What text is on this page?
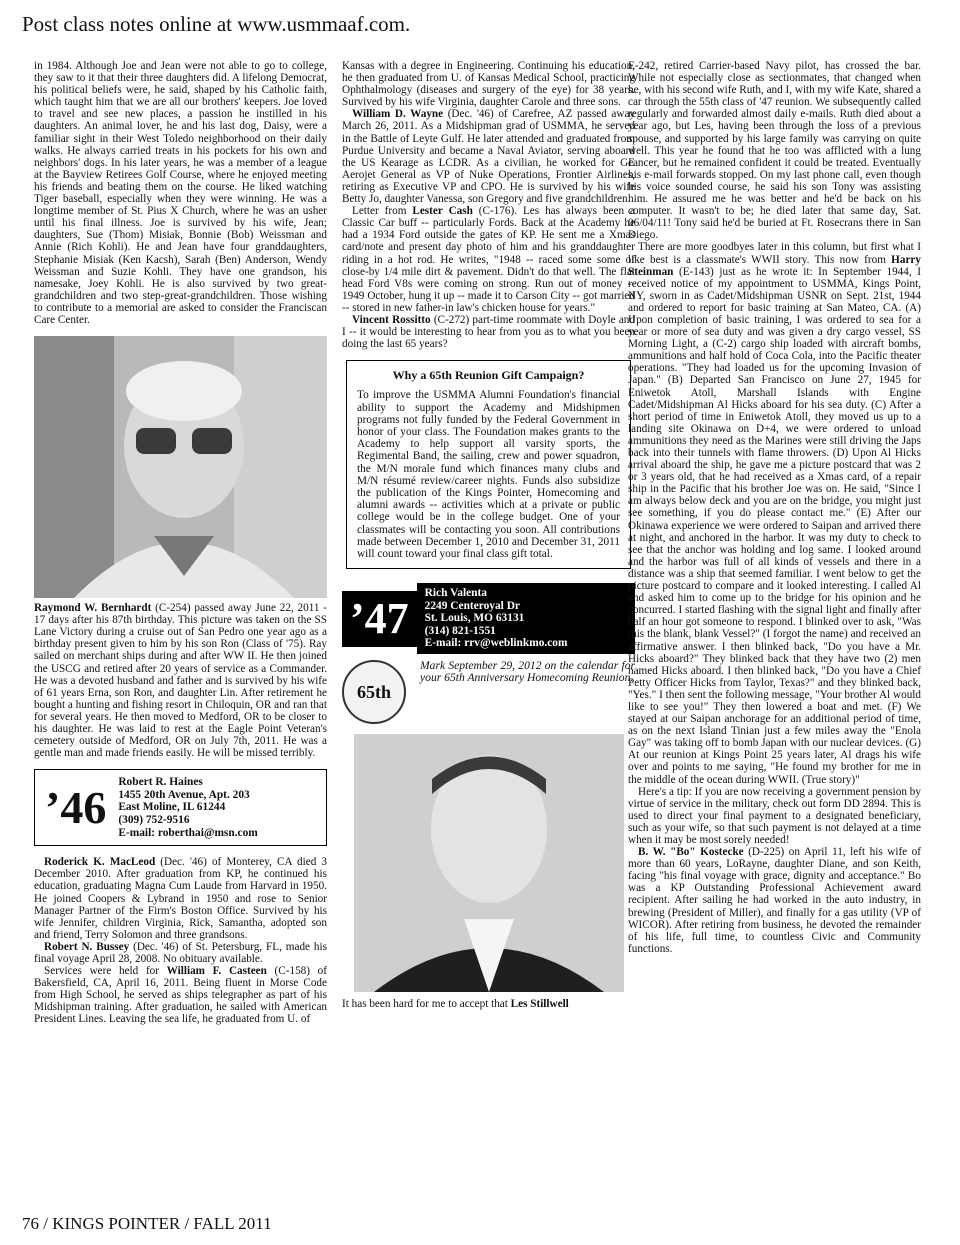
Post class notes online at www.usmmaaf.com.

in 1984. Although Joe and Jean were not able to go to college, they saw to it that their three daughters did. A lifelong Democrat, his political beliefs were, he said, shaped by his Catholic faith, which taught him that we are all our brothers' keepers. Joe loved to travel and see new places, a passion he instilled in his daughters. An animal lover, he and his last dog, Daisy, were a familiar sight in their West Toledo neighborhood on their daily walks. He always carried treats in his pockets for his own and neighbors' dogs. In his later years, he was a member of a league at the Bayview Retirees Golf Course, where he enjoyed meeting his friends and beating them on the course. He liked watching Tiger baseball, especially when they were winning. He was a longtime member of St. Pius X Church, where he was an usher until his final illness. Joe is survived by his wife, Jean; daughters, Sue (Thom) Misiak, Bonnie (Bob) Weissman and Annie (Rich Kohli). He and Jean have four granddaughters, Stephanie Misiak (Ken Kacsh), Sarah (Ben) Anderson, Wendy Weissman and Suzie Kohli. They have one grandson, his namesake, Joey Kohli. He is also survived by two great-grandchildren and two step-great-grandchildren. Those wishing to contribute to a memorial are asked to consider the Franciscan Care Center.

Raymond W. Bernhardt (C-254) passed away June 22, 2011 - 17 days after his 87th birthday. This picture was taken on the SS Lane Victory during a cruise out of San Pedro one year ago as a birthday present given to him by his son Ron (Class of '75). Ray sailed on merchant ships during and after WW II. He then joined the USCG and retired after 20 years of service as a Commander. He was a devoted husband and father and is survived by his wife of 61 years Erna, son Ron, and daughter Lin. After retirement he bought a hunting and fishing resort in Chiloquin, OR and ran that for several years. He then moved to Medford, OR to be closer to his daughter. He was laid to rest at the Eagle Point Veteran's cemetery outside of Medford, OR on July 7th, 2011. He was a gentle man and made friends easily. He will be missed terribly.

’46 Robert R. Haines
1455 20th Avenue, Apt. 203
East Moline, IL 61244
(309) 752-9516
E-mail: roberthai@msn.com

Roderick K. MacLeod (Dec. '46) of Monterey, CA died 3 December 2010. After graduation from KP, he continued his education, graduating Magna Cum Laude from Harvard in 1950. He joined Coopers & Lybrand in 1950 and rose to Senior Manager Partner of the Firm's Boston Office. Survived by his wife Jennifer, children Virginia, Rick, Samantha, adopted son and friend, Terry Solomon and three grandsons.

Robert N. Bussey (Dec. '46) of St. Petersburg, FL, made his final voyage April 28, 2008. No obituary available.

Services were held for William F. Casteen (C-158) of Bakersfield, CA, April 16, 2011. Being fluent in Morse Code from High School, he served as ships telegrapher as part of his Midshipman training. After graduation, he sailed with American President Lines. Leaving the sea life, he graduated from U. of

Kansas with a degree in Engineering. Continuing his education, he then graduated from U. of Kansas Medical School, practicing Ophthalmology (diseases and surgery of the eye) for 38 years. Survived by his wife Virginia, daughter Carole and three sons.

William D. Wayne (Dec. '46) of Carefree, AZ passed away March 26, 2011. As a Midshipman grad of USMMA, he served in the Battle of Leyte Gulf. He later attended and graduated from Purdue University and became a Naval Aviator, serving aboard the US Kearage as LCDR. As a civilian, he worked for GE Aerojet General as VP of Nuke Operations, Frontier Airlines, retiring as Executive VP and CPO. He is survived by his wife Betty Jo, daughter Vanessa, son Gregory and five grandchildren.

Letter from Lester Cash (C-176). Les has always been a Classic Car buff -- particularly Fords. Back at the Academy he had a 1934 Ford outside the gates of KP. He sent me a Xmas card/note and present day photo of him and his granddaughter riding in a hot rod. He writes, "1948 -- raced some some of close-by 1/4 mile dirt & pavement. Didn't do that well. The flat head Ford V8s were coming on strong. Run out of money -- 1949 October, hung it up -- made it to Carson City -- got married -- stored in new father-in law's chicken house for years."

Vincent Rossitto (C-272) part-time roommate with Doyle and I -- it would be interesting to hear from you as to what you been doing the last 65 years?

Why a 65th Reunion Gift Campaign?
To improve the USMMA Alumni Foundation's financial ability to support the Academy and Midshipmen programs not fully funded by the Federal Government in honor of your class. The Foundation makes grants to the Academy to help support all varsity sports, the Regimental Band, the sailing, crew and power squadron, the M/N morale fund which finances many clubs and M/N résumé review/career nights. Funds also subsidize the publication of the Kings Pointer, Homecoming and alumni awards -- activities which at a private or public college would be in the college budget. One of your classmates will be contacting you soon. All contributions made between December 1, 2010 and December 31, 2011 will count toward your final class gift total.
’47
Rich Valenta
2249 Centeroyal Dr
St. Louis, MO 63131
(314) 821-1551
E-mail: rrv@weblinkmo.com
65th
Mark September 29, 2012 on the calendar for your 65th Anniversary Homecoming Reunion.

It has been hard for me to accept that Les Stillwell

E-242, retired Carrier-based Navy pilot, has crossed the bar. While not especially close as sectionmates, that changed when he, with his second wife Ruth, and I, with my wife Kate, shared a car through the 55th class of '47 reunion. We subsequently called regularly and forwarded almost daily e-mails. Ruth died about a year ago, but Les, having been through the loss of a previous spouse, and supported by his large family was carrying on quite well. This year he found that he too was afflicted with a lung cancer, but he remained confident it could be treated. Eventually his e-mail forwards stopped. On my last phone call, even though his voice sounded course, he said his son Tony was assisting him. He assured me he was better and he'd be back on his computer. It wasn't to be; he died later that same day, Sat. 06/04/11! Tony said he'd be buried at Ft. Rosecrans there in San Diego.

There are more goodbyes later in this column, but first what I like best is a classmate's WWII story. This now from Harry Steinman (E-143) just as he wrote it: In September 1944, I received notice of my appointment to USMMA, Kings Point, NY, sworn in as Cadet/Midshipman USNR on Sept. 21st, 1944 and ordered to report for basic training at San Mateo, CA. (A) Upon completion of basic training, I was ordered to sea for a year or more of sea duty and was given a dry cargo vessel, SS Morning Light, a (C-2) cargo ship loaded with aircraft bombs, ammunitions and half hold of Coca Cola, into the Pacific theater operations. "They had loaded us for the upcoming Invasion of Japan." (B) Departed San Francisco on June 27, 1945 for Eniwetok Atoll, Marshall Islands with Engine Cadet/Midshipman Al Hicks aboard for his sea duty. (C) After a short period of time in Eniwetok Atoll, they moved us up to a landing site Okinawa on D+4, we were ordered to unload ammunitions they need as the Marines were still driving the Japs back into their tunnels with flame throwers. (D) Upon Al Hicks arrival aboard the ship, he gave me a picture postcard that was 2 or 3 years old, that he had received as a Xmas card, of a repair ship in the Pacific that his brother Joe was on. He said, "Since I am always below deck and you are on the bridge, you might just see something, if you do please contact me." (E) After our Okinawa experience we were ordered to Saipan and arrived there at night, and anchored in the harbor. It was my duty to check to see that the anchor was holding and log same. I looked around and the harbor was full of all kinds of vessels and there in a distance was a ship that seemed familiar. I went below to get the picture postcard to compare and it looked interesting. I called Al and asked him to come up to the bridge for his opinion and he concurred. I started flashing with the signal light and finally after half an hour got someone to respond. I blinked over to ask, "Was this the blank, blank Vessel?" (I forgot the name) and received an affirmative answer. I then blinked back, "Do you have a Mr. Hicks aboard?" They blinked back that they have two (2) men named Hicks aboard. I then blinked back, "Do you have a Chief Petty Officer Hicks from Taylor, Texas?" and they blinked back, "Yes." I then sent the following message, "Your brother Al would like to see you!" They then lowered a boat and met. (F) We stayed at our Saipan anchorage for an additional period of time, as on the next Island Tinian just a few miles away the "Enola Gay" was taking off to bomb Japan with our nuclear devices. (G) At our reunion at Kings Point 25 years later, Al drags his wife over and points to me saying, "He found my brother for me in the middle of the ocean during WWII. (True story)"

Here's a tip: If you are now receiving a government pension by virtue of service in the military, check out form DD 2894. This is used to direct your final payment to a designated beneficiary, such as your wife, so that such payment is not delayed at a time when it may be most sorely needed!

B. W. "Bo" Kostecke (D-225) on April 11, left his wife of more than 60 years, LoRayne, daughter Diane, and son Keith, facing "his final voyage with grace, dignity and acceptance." Bo was a KP Outstanding Professional Achievement award recipient. After sailing he had worked in the auto industry, in brewing (President of Miller), and finally for a gas utility (VP of WICOR). After retiring from business, he devoted the remainder of his life, full time, to countless Civic and Community functions.

76 / KINGS POINTER / FALL 2011
